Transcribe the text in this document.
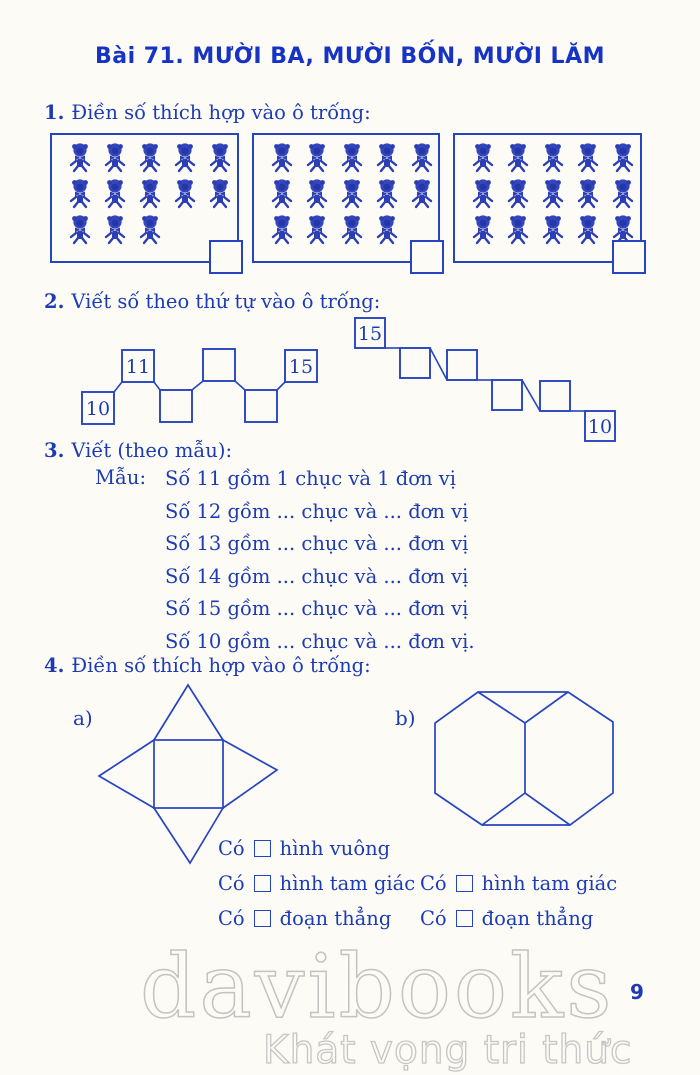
Bài 71. MƯỜI BA, MƯỜI BỐN, MƯỜI LĂM
1. Điền số thích hợp vào ô trống:
2. Viết số theo thứ tự vào ô trống:
10
11	15
15
10
3. Viết (theo mẫu):
Mẫu: Số 11 gồm 1 chục và 1 đơn vị
Số 12 gồm ... chục và ... đơn vị
Số 13 gồm ... chục và ... đơn vị
Số 14 gồm ... chục và ... đơn vị
Số 15 gồm ... chục và ... đơn vị
Số 10 gồm ... chục và ... đơn vị.
4. Điền số thích hợp vào ô trống:
a)	b)
Có hình vuông
Có hình tam giác
Có đoạn thẳng
Có hình tam giác
Có đoạn thẳng
davibooks
Khát vọng tri thức
9
